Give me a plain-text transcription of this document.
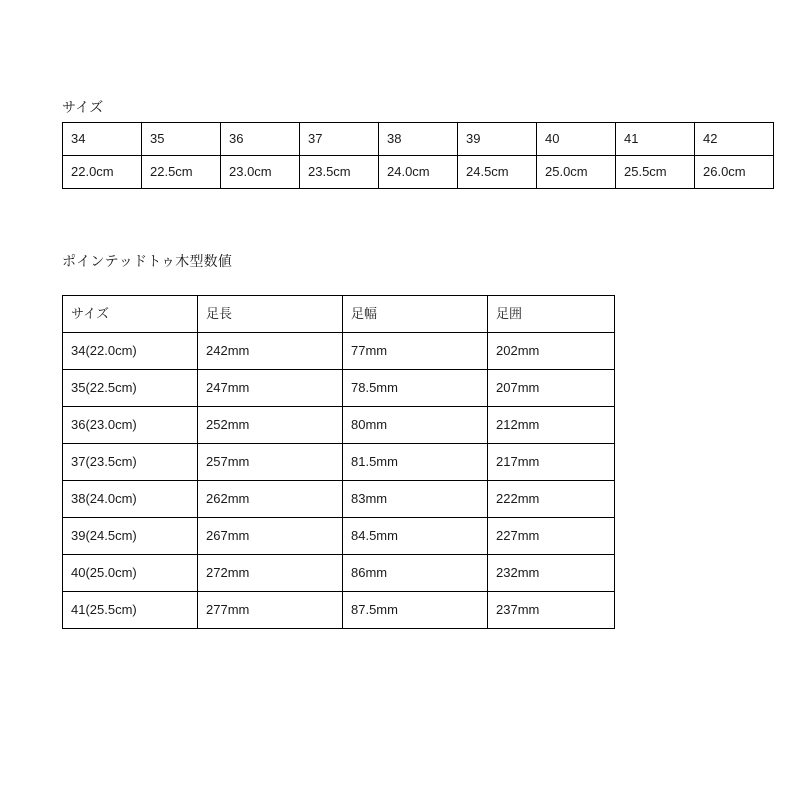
サイズ
34	35	36	37	38	39	40	41	42
22.0cm	22.5cm	23.0cm	23.5cm	24.0cm	24.5cm	25.0cm	25.5cm	26.0cm
ポインテッドトゥ木型数値
サイズ	足長	足幅	足囲
34(22.0cm)	242mm	77mm	202mm
35(22.5cm)	247mm	78.5mm	207mm
36(23.0cm)	252mm	80mm	212mm
37(23.5cm)	257mm	81.5mm	217mm
38(24.0cm)	262mm	83mm	222mm
39(24.5cm)	267mm	84.5mm	227mm
40(25.0cm)	272mm	86mm	232mm
41(25.5cm)	277mm	87.5mm	237mm
